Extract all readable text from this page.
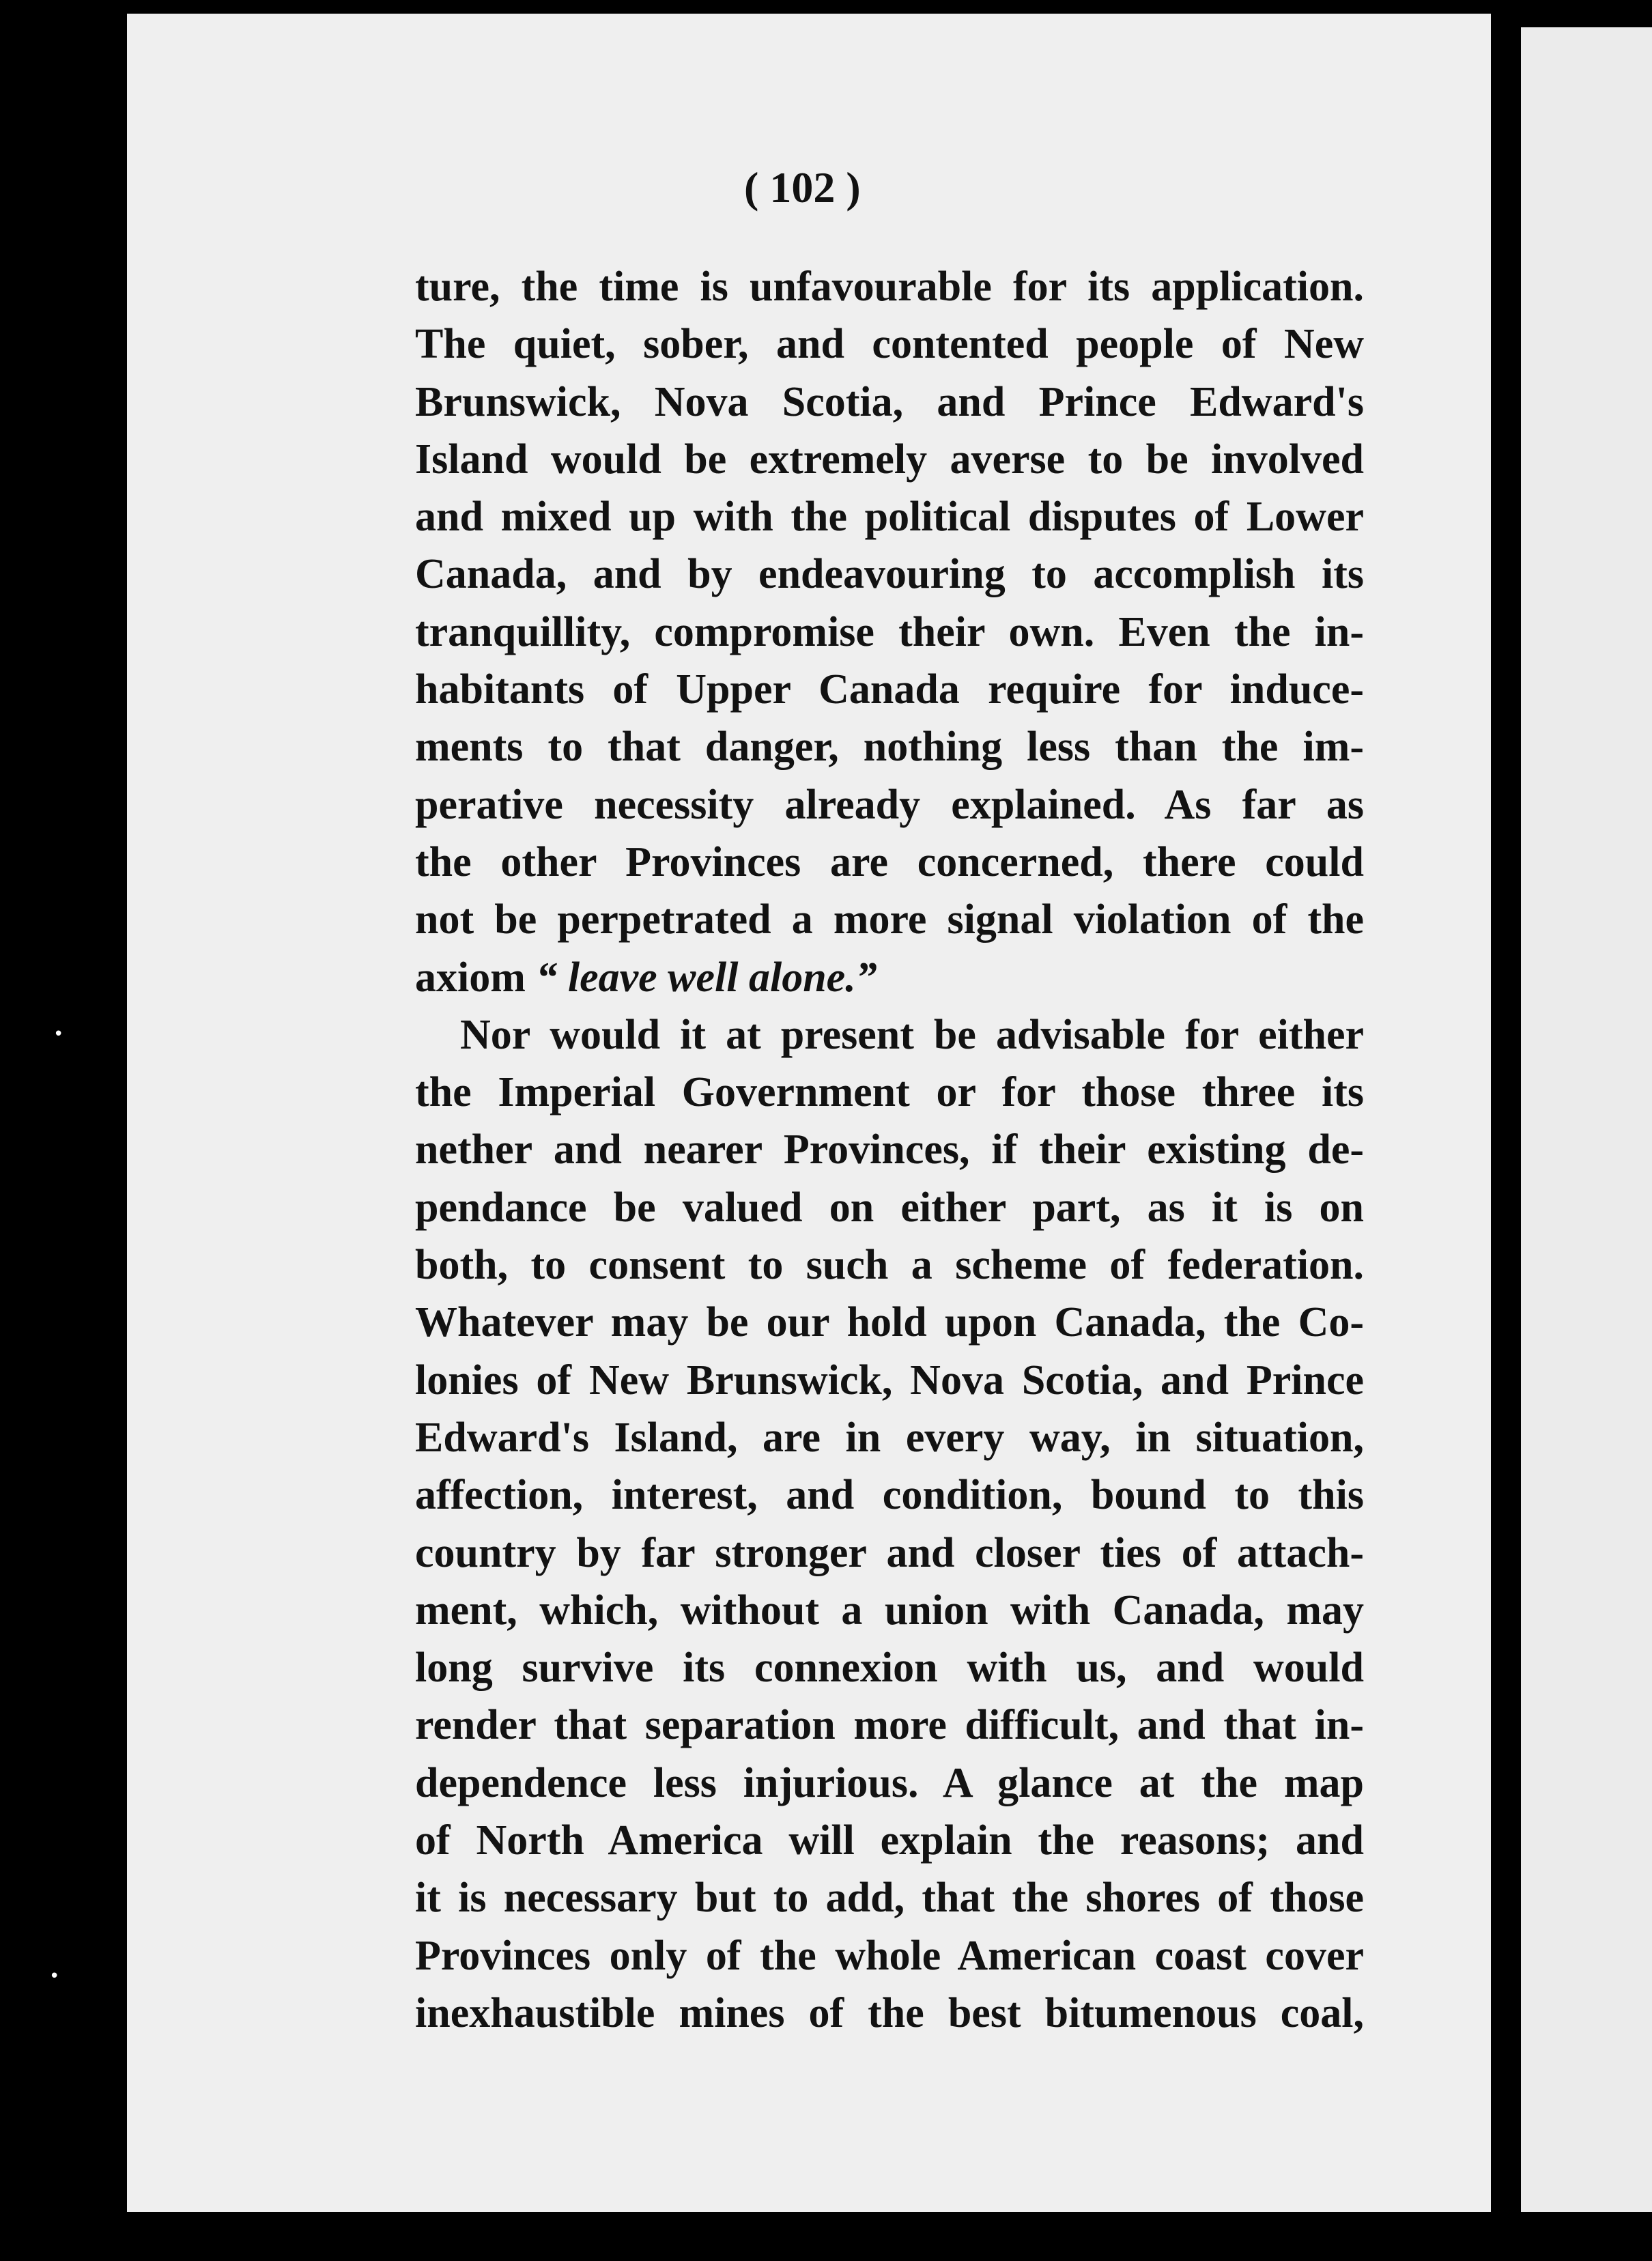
•
•
( 102 )
ture, the time is unfavourable for its application.
The quiet, sober, and contented people of New
Brunswick, Nova Scotia, and Prince Edward's
Island would be extremely averse to be involved
and mixed up with the political disputes of Lower
Canada, and by endeavouring to accomplish its
tranquillity, compromise their own. Even the in-
habitants of Upper Canada require for induce-
ments to that danger, nothing less than the im-
perative necessity already explained. As far as
the other Provinces are concerned, there could
not be perpetrated a more signal violation of the
axiom “ leave well alone.”
Nor would it at present be advisable for either
the Imperial Government or for those three its
nether and nearer Provinces, if their existing de-
pendance be valued on either part, as it is on
both, to consent to such a scheme of federation.
Whatever may be our hold upon Canada, the Co-
lonies of New Brunswick, Nova Scotia, and Prince
Edward's Island, are in every way, in situation,
affection, interest, and condition, bound to this
country by far stronger and closer ties of attach-
ment, which, without a union with Canada, may
long survive its connexion with us, and would
render that separation more difficult, and that in-
dependence less injurious. A glance at the map
of North America will explain the reasons; and
it is necessary but to add, that the shores of those
Provinces only of the whole American coast cover
inexhaustible mines of the best bitumenous coal,
